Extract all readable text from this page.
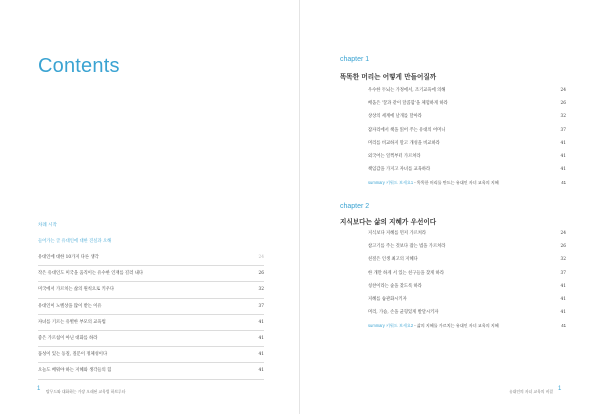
Contents
차례 시작
들어가는 글 유대인에 대한 진실과 오해
유대인에 대한 10가지 다른 생각	24
작은 유대인도 미국을 움직이는 유수한 인재를 길러 내다	26
미국에서 가르치는 삶의 원칙으로 키우다	32
유대인이 노벨상을 많이 받는 이유	37
자녀를 기르는 유별한 부모의 교육법	41
좋은 가르침이 아닌 대화를 하라	41
품성이 있는 동질, 질문이 정체성이다	41
오늘도 배워야 하는 지혜와 생각들의 힘	41
1 탈무드와 대화하는 가장 오래된 교육법 하브루타
chapter 1
똑똑한 머리는 어떻게 만들어질까
우수한 두뇌는 가정에서, 조기교육에 의해	24
배움은 '꿀과 같이 달콤함'을 체험하게 하라	26
상상의 세계에 날개를 달아라	32
잠자리에서 책을 읽어 주는 유대의 어머니	37
머리를 비교하지 말고 개성을 비교하라	41
외국어는 일찍부터 가르쳐라	41
책임감을 가지고 자녀를 교육하라	41
summary 키워드 보세요1 - 똑똑한 머리를 만드는 유대인 자녀 교육의 지혜	41
chapter 2
지식보다는 삶의 지혜가 우선이다
지식보다 지혜를 먼저 가르쳐라	24
참고기를 주는 것보다 잡는 법을 가르쳐라	26
친절은 인생 최고의 지혜다	32
한 개만 하게 서 있는 친구들을 찾게 하라	37
칭찬이라는 숲을 찾도록 하라	41
지혜를 습관화시키자	41
머리, 가슴, 손을 균형있게 발달시키자	41
summary 키워드 보세요2 - 삶의 지혜를 가르치는 유대인 자녀 교육의 지혜	41
유대인의 자녀 교육의 비결 1
